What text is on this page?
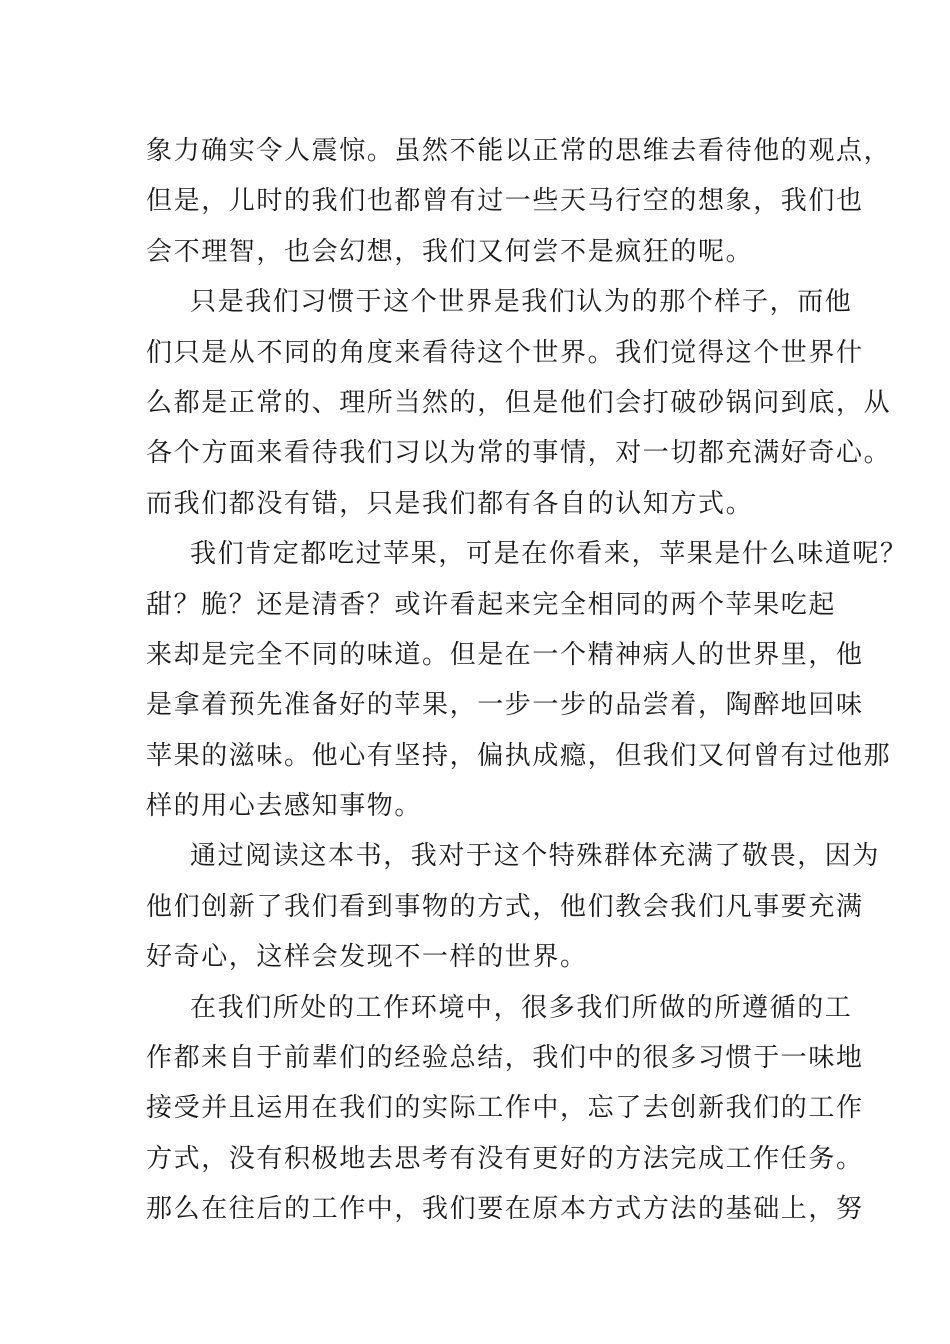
象力确实令人震惊。虽然不能以正常的思维去看待他的观点，
但是，儿时的我们也都曾有过一些天马行空的想象，我们也
会不理智，也会幻想，我们又何尝不是疯狂的呢。
只是我们习惯于这个世界是我们认为的那个样子，而他
们只是从不同的角度来看待这个世界。我们觉得这个世界什
么都是正常的、理所当然的，但是他们会打破砂锅问到底，从
各个方面来看待我们习以为常的事情，对一切都充满好奇心。
而我们都没有错，只是我们都有各自的认知方式。
我们肯定都吃过苹果，可是在你看来，苹果是什么味道呢？
甜？脆？还是清香？或许看起来完全相同的两个苹果吃起
来却是完全不同的味道。但是在一个精神病人的世界里，他
是拿着预先准备好的苹果，一步一步的品尝着，陶醉地回味
苹果的滋味。他心有坚持，偏执成瘾，但我们又何曾有过他那
样的用心去感知事物。
通过阅读这本书，我对于这个特殊群体充满了敬畏，因为
他们创新了我们看到事物的方式，他们教会我们凡事要充满
好奇心，这样会发现不一样的世界。
在我们所处的工作环境中，很多我们所做的所遵循的工
作都来自于前辈们的经验总结，我们中的很多习惯于一味地
接受并且运用在我们的实际工作中，忘了去创新我们的工作
方式，没有积极地去思考有没有更好的方法完成工作任务。
那么在往后的工作中，我们要在原本方式方法的基础上，努
